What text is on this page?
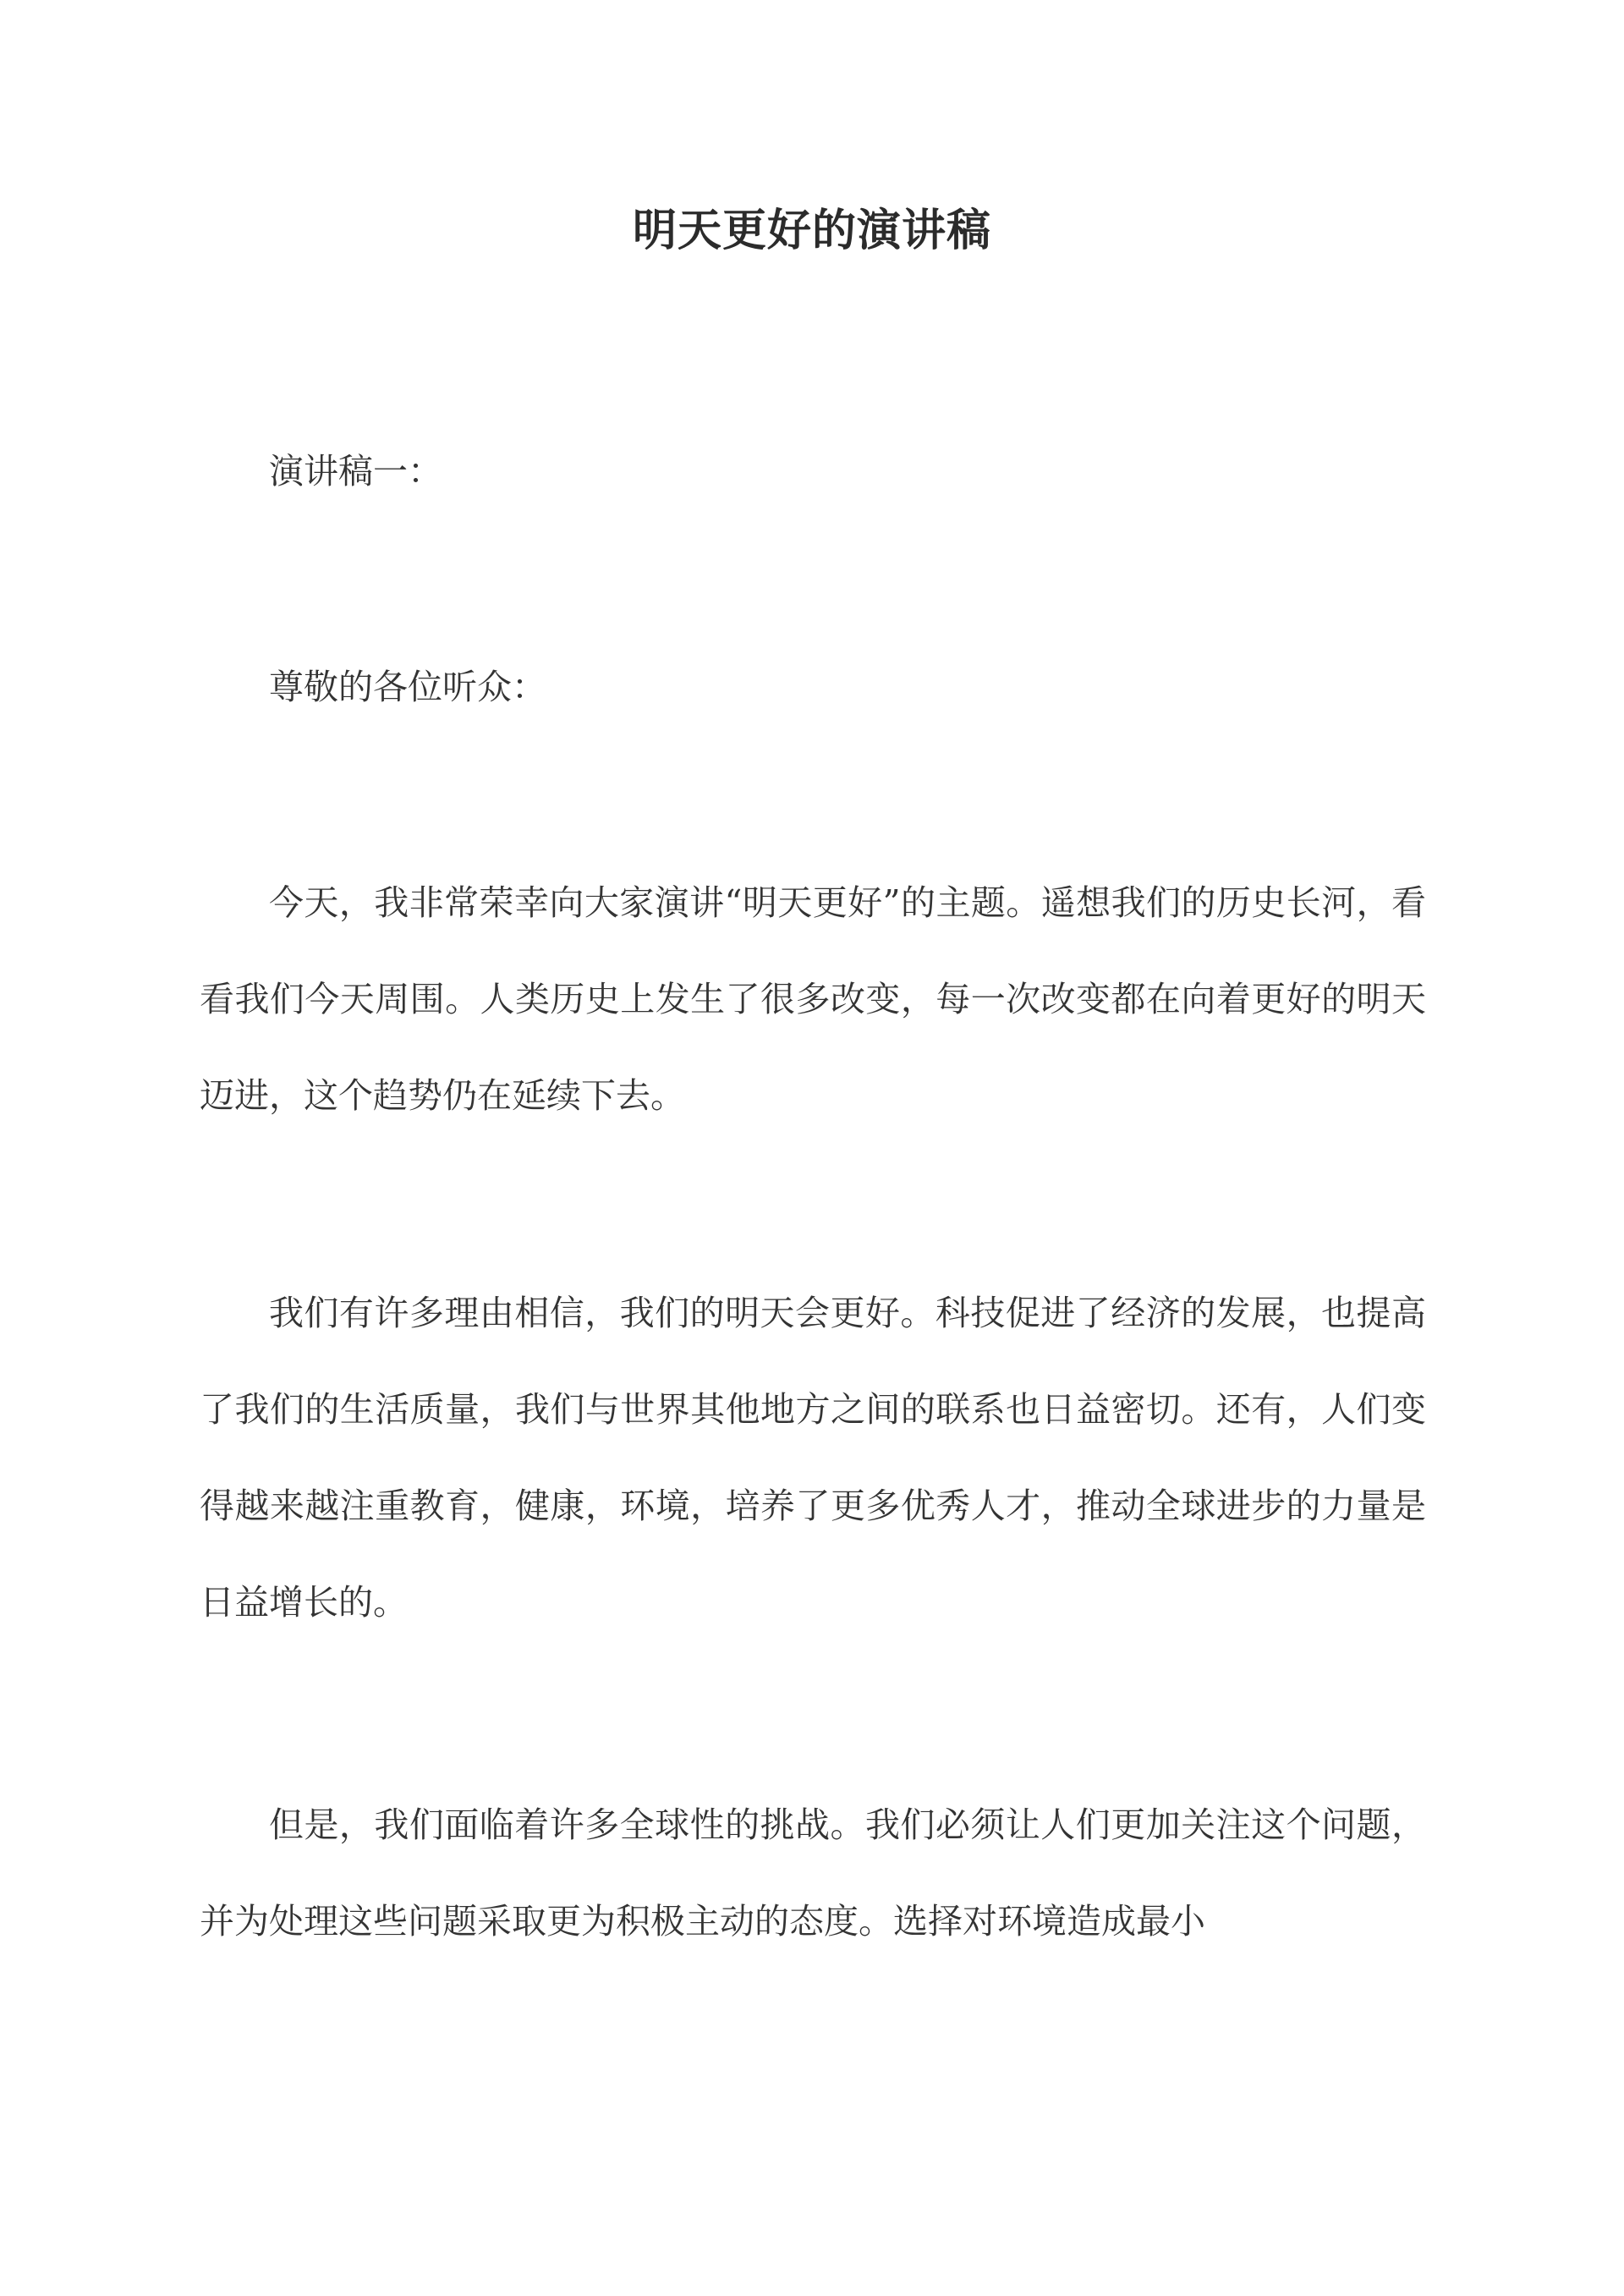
明天更好的演讲稿

演讲稿一：

尊敬的各位听众：

今天，我非常荣幸向大家演讲“明天更好”的主题。遥想我们的历史长河，看看我们今天周围。人类历史上发生了很多改变，每一次改变都在向着更好的明天迈进，这个趋势仍在延续下去。

我们有许多理由相信，我们的明天会更好。科技促进了经济的发展，也提高了我们的生活质量，我们与世界其他地方之间的联系也日益密切。还有，人们变得越来越注重教育，健康，环境，培养了更多优秀人才，推动全球进步的力量是日益增长的。

但是，我们面临着许多全球性的挑战。我们必须让人们更加关注这个问题，并为处理这些问题采取更为积极主动的态度。选择对环境造成最小
